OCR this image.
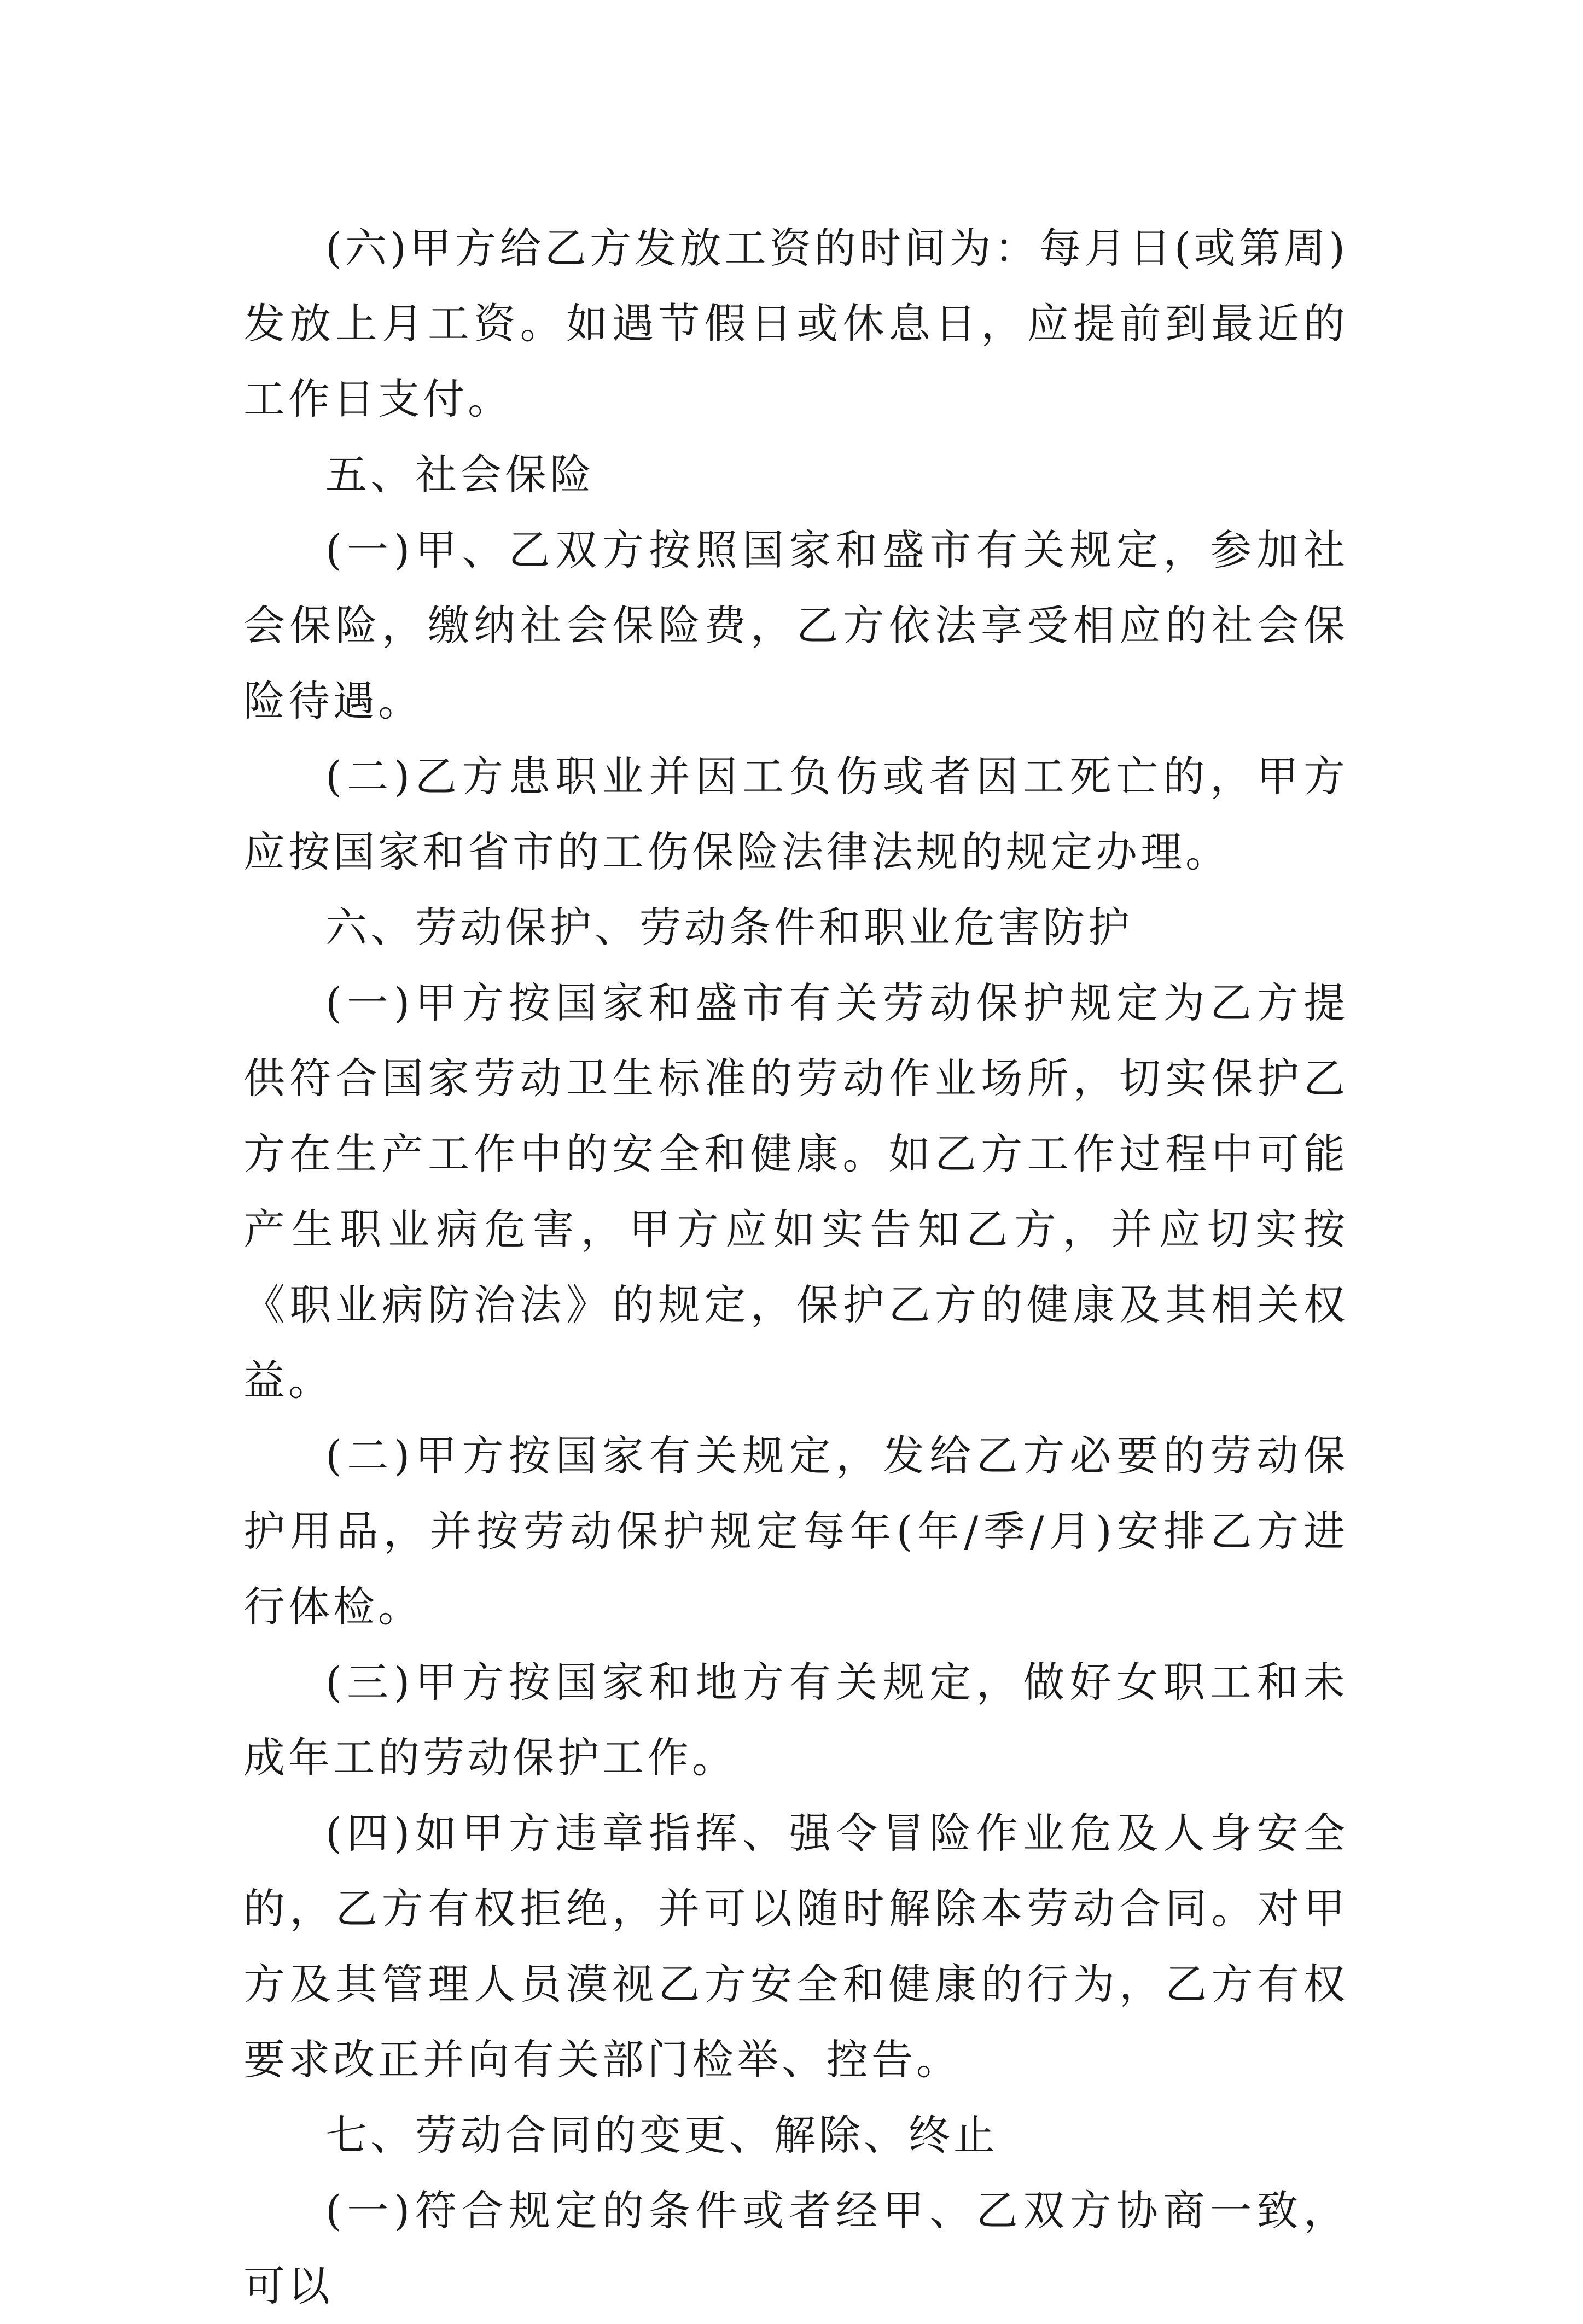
(六)甲方给乙方发放工资的时间为：每月日(或第周)发放上月工资。如遇节假日或休息日，应提前到最近的工作日支付。

五、社会保险

(一)甲、乙双方按照国家和盛市有关规定，参加社会保险，缴纳社会保险费，乙方依法享受相应的社会保险待遇。

(二)乙方患职业并因工负伤或者因工死亡的，甲方应按国家和省市的工伤保险法律法规的规定办理。

六、劳动保护、劳动条件和职业危害防护

(一)甲方按国家和盛市有关劳动保护规定为乙方提供符合国家劳动卫生标准的劳动作业场所，切实保护乙方在生产工作中的安全和健康。如乙方工作过程中可能产生职业病危害，甲方应如实告知乙方，并应切实按《职业病防治法》的规定，保护乙方的健康及其相关权益。

(二)甲方按国家有关规定，发给乙方必要的劳动保护用品，并按劳动保护规定每年(年/季/月)安排乙方进行体检。

(三)甲方按国家和地方有关规定，做好女职工和未成年工的劳动保护工作。

(四)如甲方违章指挥、强令冒险作业危及人身安全的，乙方有权拒绝，并可以随时解除本劳动合同。对甲方及其管理人员漠视乙方安全和健康的行为，乙方有权要求改正并向有关部门检举、控告。

七、劳动合同的变更、解除、终止

(一)符合规定的条件或者经甲、乙双方协商一致，可以
